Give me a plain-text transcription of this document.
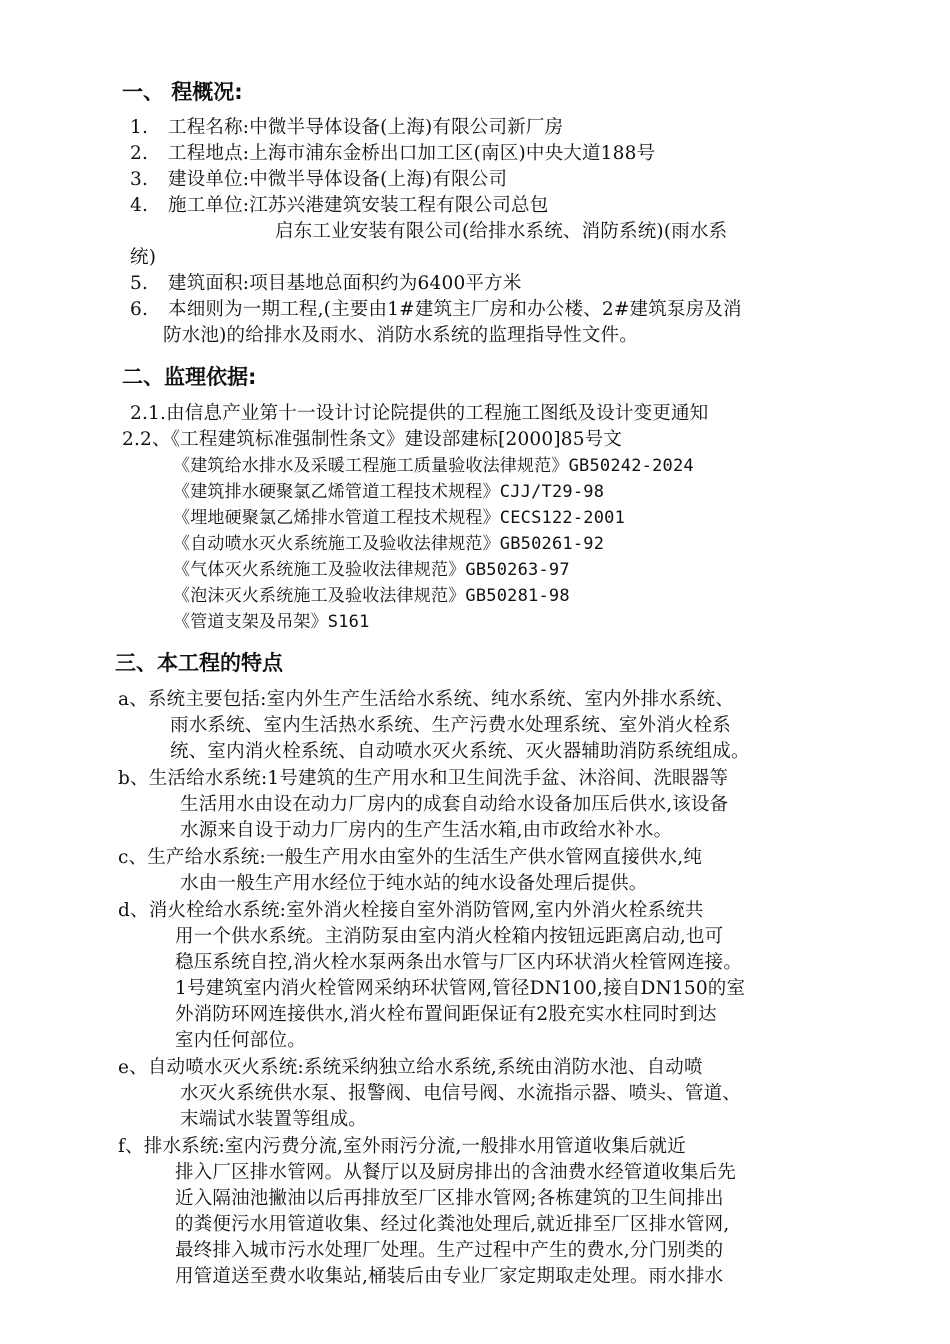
一、 程概况:
1. 工程名称:中微半导体设备(上海)有限公司新厂房
2. 工程地点:上海市浦东金桥出口加工区(南区)中央大道188号
3. 建设单位:中微半导体设备(上海)有限公司
4. 施工单位:江苏兴港建筑安装工程有限公司总包
启东工业安装有限公司(给排水系统、消防系统)(雨水系
统)
5. 建筑面积:项目基地总面积约为6400平方米
6. 本细则为一期工程,(主要由1#建筑主厂房和办公楼、2#建筑泵房及消
防水池)的给排水及雨水、消防水系统的监理指导性文件。
二、监理依据:
2.1.由信息产业第十一设计讨论院提供的工程施工图纸及设计变更通知
2.2、《工程建筑标准强制性条文》建设部建标[2000]85号文
《建筑给水排水及采暖工程施工质量验收法律规范》GB50242-2024
《建筑排水硬聚氯乙烯管道工程技术规程》CJJ/T29-98
《埋地硬聚氯乙烯排水管道工程技术规程》CECS122-2001
《自动喷水灭火系统施工及验收法律规范》GB50261-92
《气体灭火系统施工及验收法律规范》GB50263-97
《泡沫灭火系统施工及验收法律规范》GB50281-98
《管道支架及吊架》S161
三、本工程的特点
a、系统主要包括:室内外生产生活给水系统、纯水系统、室内外排水系统、
雨水系统、室内生活热水系统、生产污费水处理系统、室外消火栓系
统、室内消火栓系统、自动喷水灭火系统、灭火器辅助消防系统组成。
b、生活给水系统:1号建筑的生产用水和卫生间洗手盆、沐浴间、洗眼器等
生活用水由设在动力厂房内的成套自动给水设备加压后供水,该设备
水源来自设于动力厂房内的生产生活水箱,由市政给水补水。
c、生产给水系统:一般生产用水由室外的生活生产供水管网直接供水,纯
水由一般生产用水经位于纯水站的纯水设备处理后提供。
d、消火栓给水系统:室外消火栓接自室外消防管网,室内外消火栓系统共
用一个供水系统。主消防泵由室内消火栓箱内按钮远距离启动,也可
稳压系统自控,消火栓水泵两条出水管与厂区内环状消火栓管网连接。
1号建筑室内消火栓管网采纳环状管网,管径DN100,接自DN150的室
外消防环网连接供水,消火栓布置间距保证有2股充实水柱同时到达
室内任何部位。
e、自动喷水灭火系统:系统采纳独立给水系统,系统由消防水池、自动喷
水灭火系统供水泵、报警阀、电信号阀、水流指示器、喷头、管道、
末端试水装置等组成。
f、排水系统:室内污费分流,室外雨污分流,一般排水用管道收集后就近
排入厂区排水管网。从餐厅以及厨房排出的含油费水经管道收集后先
近入隔油池撇油以后再排放至厂区排水管网;各栋建筑的卫生间排出
的粪便污水用管道收集、经过化粪池处理后,就近排至厂区排水管网,
最终排入城市污水处理厂处理。生产过程中产生的费水,分门别类的
用管道送至费水收集站,桶装后由专业厂家定期取走处理。雨水排水
